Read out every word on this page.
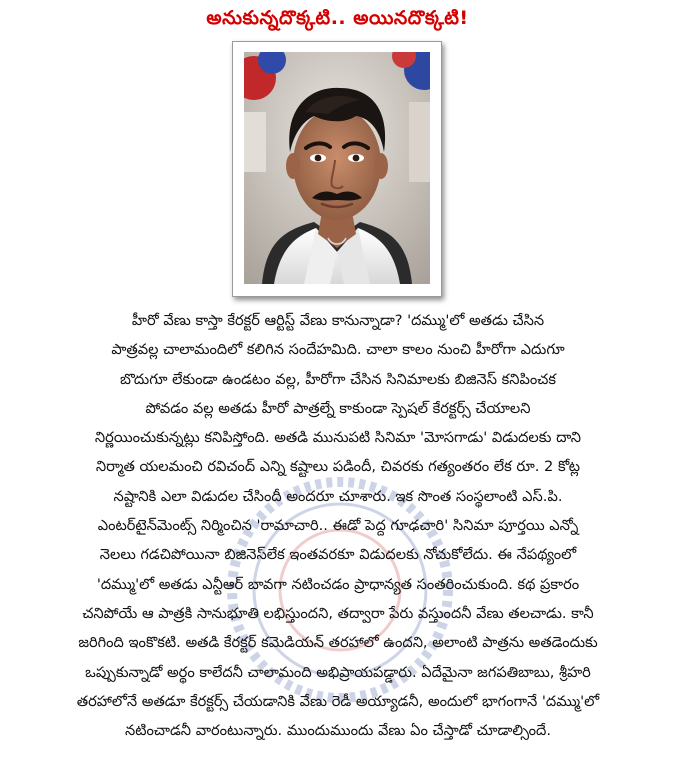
అనుకున్నదొక్కటి.. అయినదొక్కటి!
హీరో వేణు కాస్తా కేరక్టర్ ఆర్టిస్ట్ వేణు కానున్నాడా? 'దమ్ము'లో అతడు చేసిన
పాత్రవల్ల చాలామందిలో కలిగిన సందేహమిది. చాలా కాలం నుంచి హీరోగా ఎదుగూ
బొదుగూ లేకుండా ఉండటం వల్ల, హీరోగా చేసిన సినిమాలకు బిజినెస్ కనిపించక
పోవడం వల్ల అతడు హీరో పాత్రల్నే కాకుండా స్పెషల్ కేరక్టర్స్ చేయాలని
నిర్ణయించుకున్నట్లు కనిపిస్తోంది. అతడి మునుపటి సినిమా 'మోసగాడు' విడుదలకు దాని
నిర్మాత యలమంచి రవిచంద్ ఎన్ని కష్టాలు పడిందీ, చివరకు గత్యంతరం లేక రూ. 2 కోట్ల
నష్టానికి ఎలా విడుదల చేసిందీ అందరూ చూశారు. ఇక సొంత సంస్థలాంటి ఎస్.పి.
ఎంటర్‌టైన్‌మెంట్స్ నిర్మించిన 'రామాచారి.. ఈడో పెద్ద గూఢచారి' సినిమా పూర్తయి ఎన్నో
నెలలు గడచిపోయినా బిజినెస్‌లేక ఇంతవరకూ విడుదలకు నోచుకోలేదు. ఈ నేపథ్యంలో
'దమ్ము'లో అతడు ఎన్టీఆర్ బావగా నటించడం ప్రాధాన్యత సంతరించుకుంది. కథ ప్రకారం
చనిపోయే ఆ పాత్రకి సానుభూతి లభిస్తుందని, తద్వారా పేరు వస్తుందనీ వేణు తలచాడు. కానీ
జరిగింది ఇంకొకటి. అతడి కేరక్టర్ కమెడియన్ తరహాలో ఉందని, అలాంటి పాత్రను అతడెందుకు
ఒప్పుకున్నాడో అర్థం కాలేదనీ చాలామంది అభిప్రాయపడ్డారు. ఏదేమైనా జగపతిబాబు, శ్రీహరి
తరహాలోనే అతడూ కేరక్టర్స్ చేయడానికి వేణు రెడీ అయ్యాడనీ, అందులో భాగంగానే 'దమ్ము'లో
నటించాడనీ వారంటున్నారు. ముందుముందు వేణు ఏం చేస్తాడో చూడాల్సిందే.
